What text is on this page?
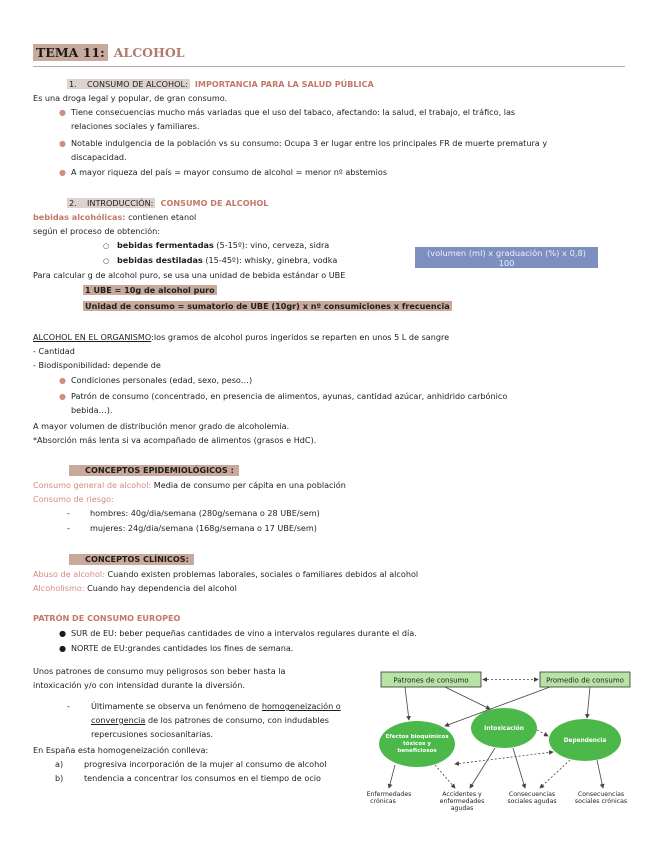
TEMA 11: ALCOHOL
1. CONSUMO DE ALCOHOL: IMPORTANCIA PARA LA SALUD PÚBLICA
Es una droga legal y popular, de gran consumo.
● Tiene consecuencias mucho más variadas que el uso del tabaco, afectando: la salud, el trabajo, el tráfico, las
relaciones sociales y familiares.
● Notable indulgencia de la población vs su consumo: Ocupa 3 er lugar entre los principales FR de muerte prematura y
discapacidad.
● A mayor riqueza del país = mayor consumo de alcohol = menor nº abstemios
2. INTRODUCCIÓN: CONSUMO DE ALCOHOL
bebidas alcohólicas: contienen etanol
según el proceso de obtención:
○ bebidas fermentadas (5-15º): vino, cerveza, sidra
○ bebidas destiladas (15-45º): whisky, ginebra, vodka
(volumen (ml) x graduación (%) x 0,8)
100
Para calcular g de alcohol puro, se usa una unidad de bebida estándar o UBE
1 UBE = 10g de alcohol puro
Unidad de consumo = sumatorio de UBE (10gr) x nº consumiciones x frecuencia
ALCOHOL EN EL ORGANISMO:los gramos de alcohol puros ingeridos se reparten en unos 5 L de sangre
- Cantidad
- Biodisponibilidad: depende de
● Condiciones personales (edad, sexo, peso…)
● Patrón de consumo (concentrado, en presencia de alimentos, ayunas, cantidad azúcar, anhidrido carbónico
bebida…).
A mayor volumen de distribución menor grado de alcoholemia.
*Absorción más lenta si va acompañado de alimentos (grasos e HdC).
CONCEPTOS EPIDEMIOLÓGICOS :
Consumo general de alcohol: Media de consumo per cápita en una población
Consumo de riesgo:
- hombres: 40g/dia/semana (280g/semana o 28 UBE/sem)
- mujeres: 24g/dia/semana (168g/semana o 17 UBE/sem)
CONCEPTOS CLÍNICOS:
Abuso de alcohol: Cuando existen problemas laborales, sociales o familiares debidos al alcohol
Alcoholismo: Cuando hay dependencia del alcohol
PATRÓN DE CONSUMO EUROPEO
● SUR de EU: beber pequeñas cantidades de vino a intervalos regulares durante el día.
● NORTE de EU:grandes cantidades los fines de semana.
Unos patrones de consumo muy peligrosos son beber hasta la
intoxicación y/o con intensidad durante la diversión.
-	Últimamente se observa un fenómeno de homogeneización o
convergencia de los patrones de consumo, con indudables
repercusiones sociosanitarias.
En España esta homogeneización conlleva:
a)	progresiva incorporación de la mujer al consumo de alcohol
b)	tendencia a concentrar los consumos en el tiempo de ocio
Patrones de consumo	Promedio de consumo
Efectos bioquímicos
tóxicos y
beneficiosos
Intoxicación
Dependencia
Enfermedades
crónicas
Accidentes y
enfermedades
agudas
Consecuencias
sociales agudas
Consecuencias
sociales crónicas
